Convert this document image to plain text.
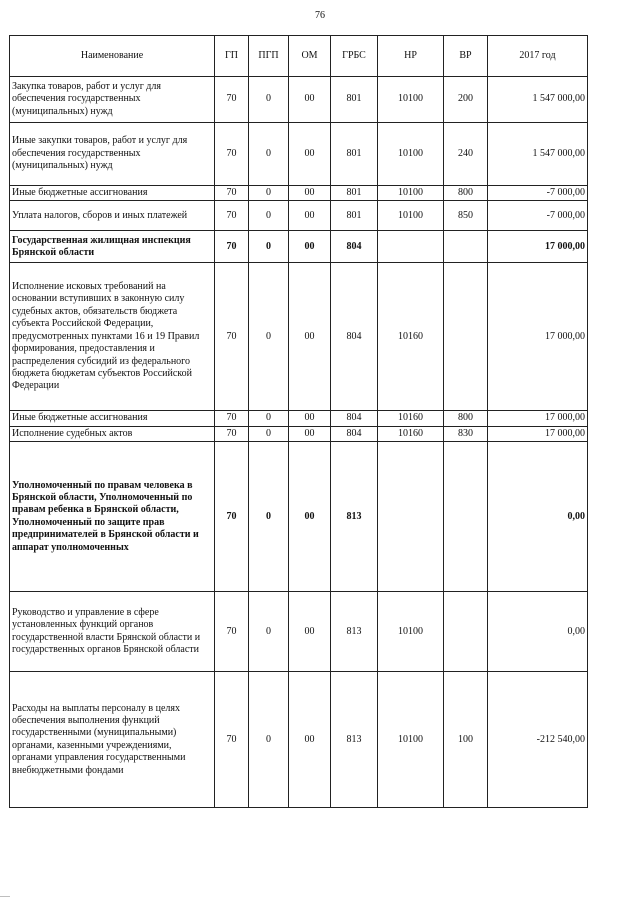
76
Наименование	ГП	ПГП	ОМ	ГРБС	НР	ВР	2017 год
Закупка товаров, работ и услуг для обеспечения государственных (муниципальных) нужд	70	0	00	801	10100	200	1 547 000,00
Иные закупки товаров, работ и услуг для обеспечения государственных (муниципальных) нужд	70	0	00	801	10100	240	1 547 000,00
Иные бюджетные ассигнования	70	0	00	801	10100	800	-7 000,00
Уплата налогов, сборов и иных платежей	70	0	00	801	10100	850	-7 000,00
Государственная жилищная инспекция Брянской области	70	0	00	804			17 000,00
Исполнение исковых требований на основании вступивших в законную силу судебных актов, обязательств бюджета субъекта Российской Федерации, предусмотренных пунктами 16 и 19 Правил формирования, предоставления и распределения субсидий из федерального бюджета бюджетам субъектов Российской Федерации	70	0	00	804	10160		17 000,00
Иные бюджетные ассигнования	70	0	00	804	10160	800	17 000,00
Исполнение судебных актов	70	0	00	804	10160	830	17 000,00
Уполномоченный по правам человека в Брянской области, Уполномоченный по правам ребенка в Брянской области, Уполномоченный по защите прав предпринимателей в Брянской области и аппарат уполномоченных	70	0	00	813			0,00
Руководство и управление в сфере установленных функций органов государственной власти Брянской области и государственных органов Брянской области	70	0	00	813	10100		0,00
Расходы на выплаты персоналу в целях обеспечения выполнения функций государственными (муниципальными) органами, казенными учреждениями, органами управления государственными внебюджетными фондами	70	0	00	813	10100	100	-212 540,00
.....
